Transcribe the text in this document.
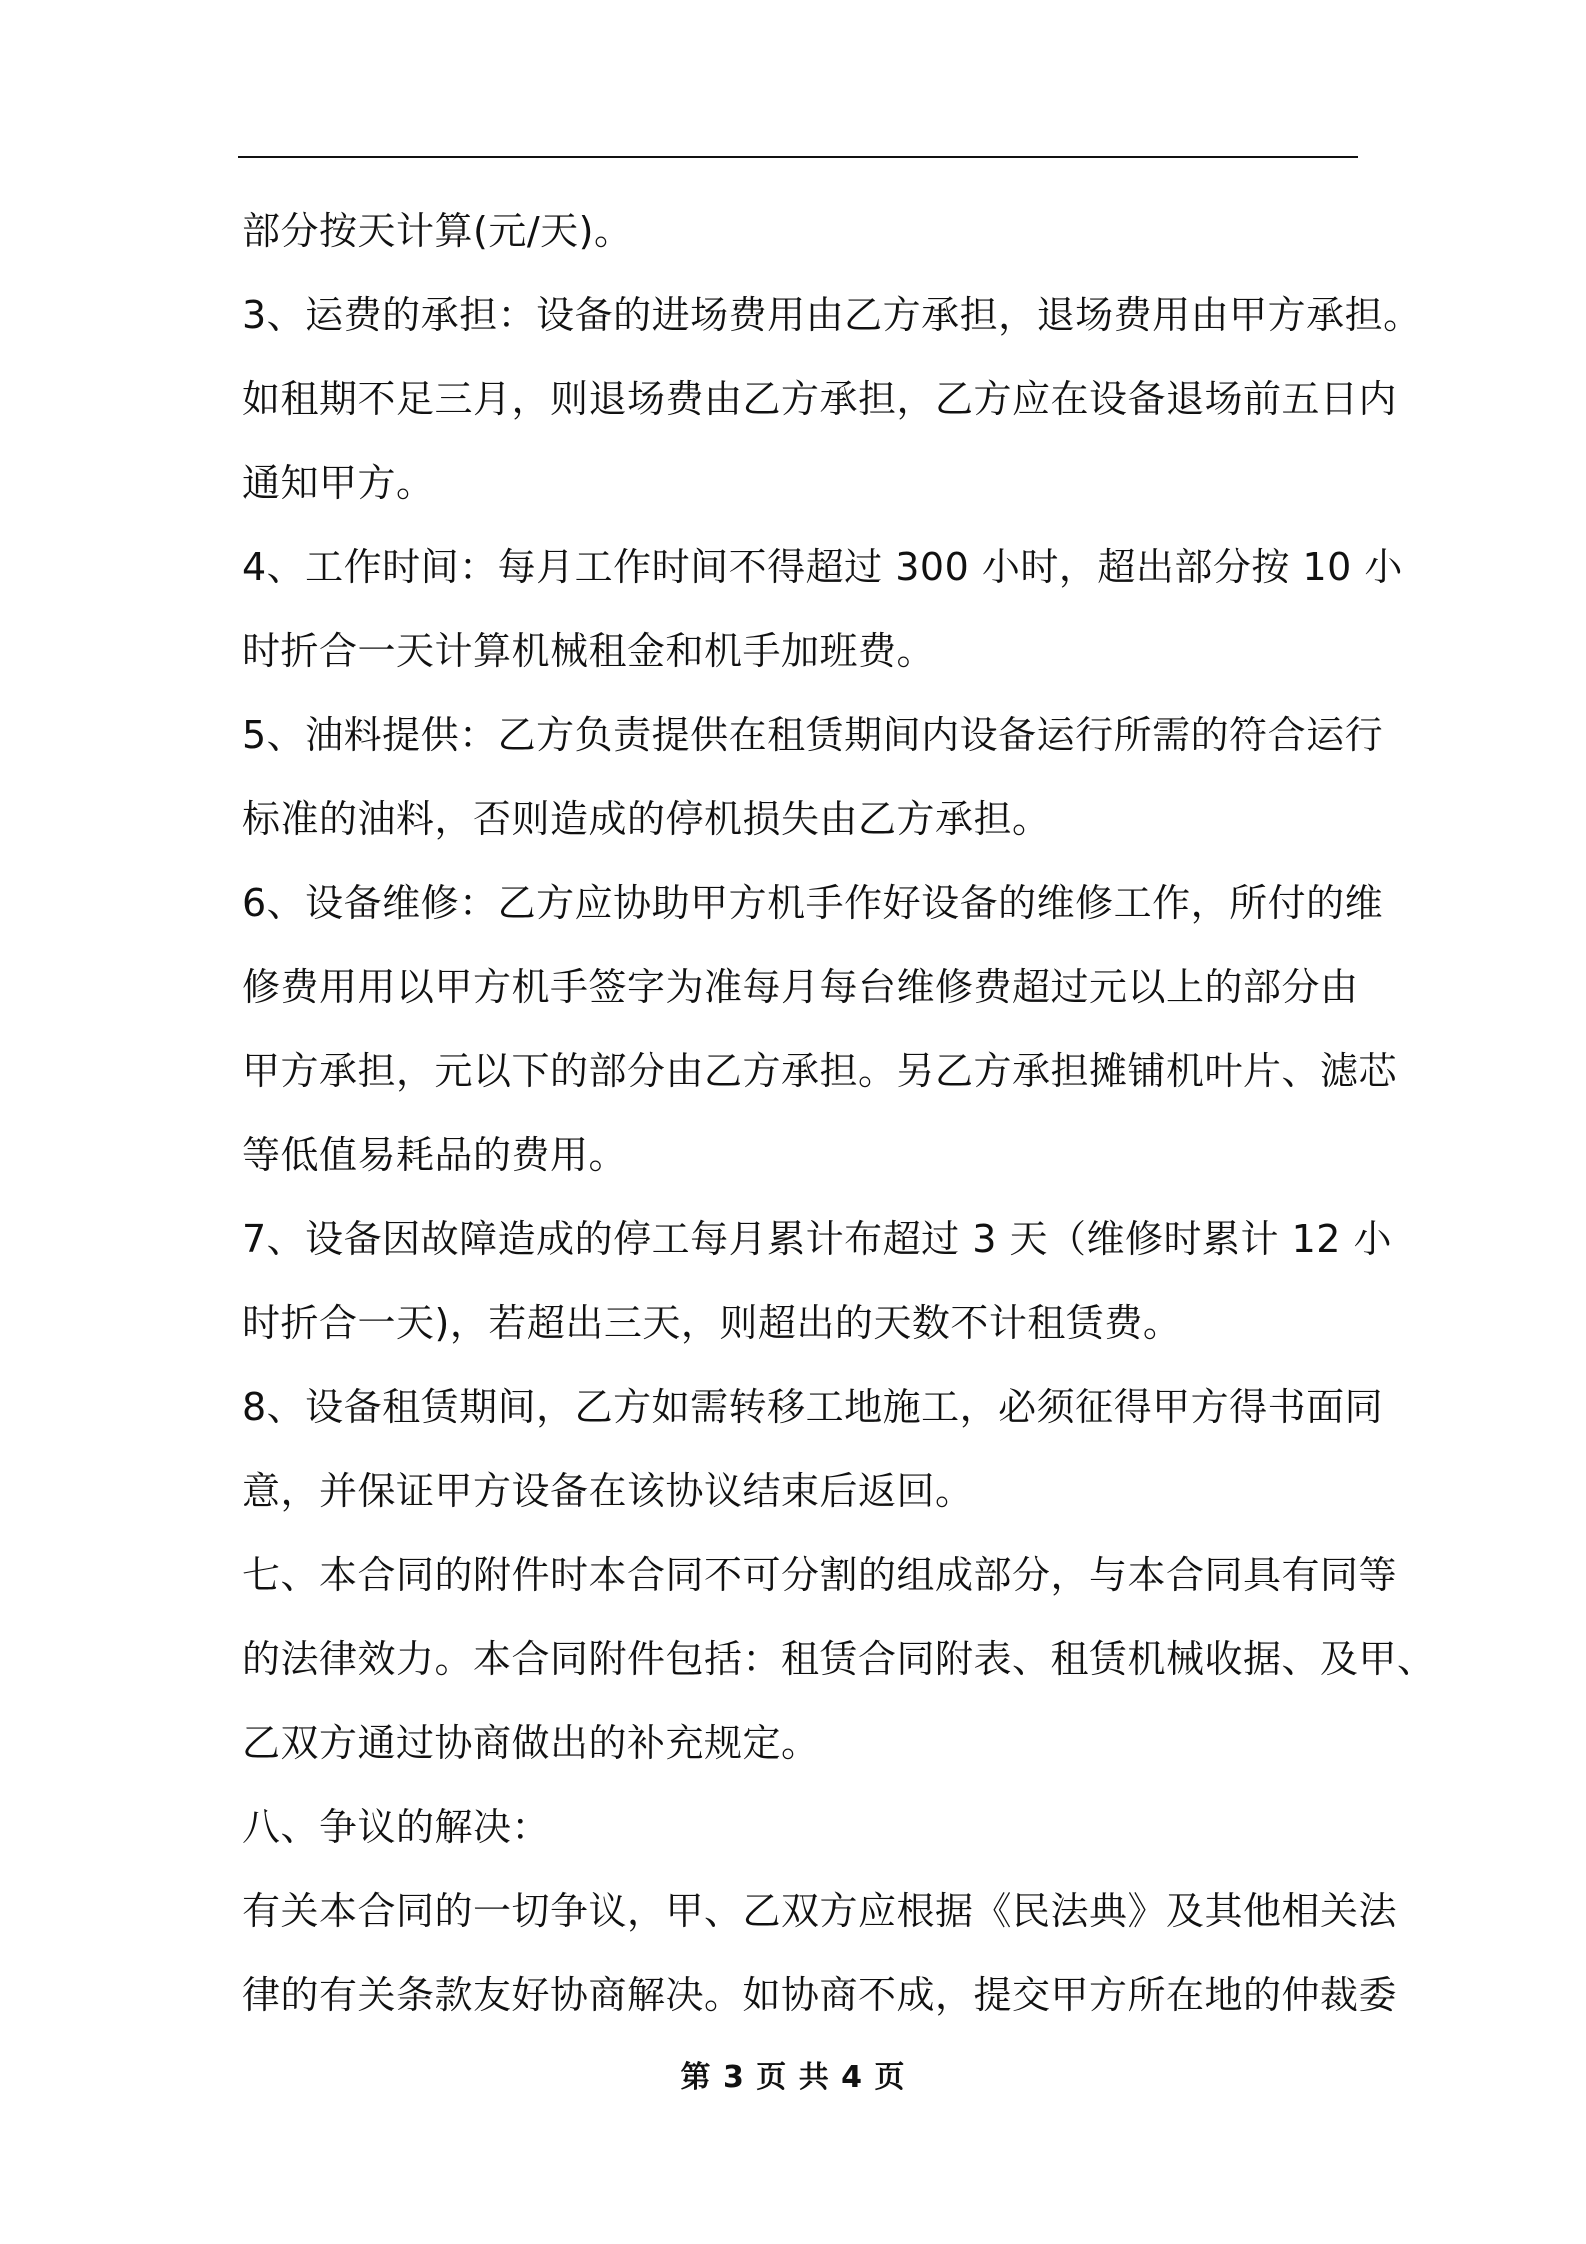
部分按天计算(元/天)。
3、运费的承担：设备的进场费用由乙方承担，退场费用由甲方承担。
如租期不足三月，则退场费由乙方承担，乙方应在设备退场前五日内
通知甲方。
4、工作时间：每月工作时间不得超过 300 小时，超出部分按 10 小
时折合一天计算机械租金和机手加班费。
5、油料提供：乙方负责提供在租赁期间内设备运行所需的符合运行
标准的油料，否则造成的停机损失由乙方承担。
6、设备维修：乙方应协助甲方机手作好设备的维修工作，所付的维
修费用用以甲方机手签字为准每月每台维修费超过元以上的部分由
甲方承担，元以下的部分由乙方承担。另乙方承担摊铺机叶片、滤芯
等低值易耗品的费用。
7、设备因故障造成的停工每月累计布超过 3 天（维修时累计 12 小
时折合一天)，若超出三天，则超出的天数不计租赁费。
8、设备租赁期间，乙方如需转移工地施工，必须征得甲方得书面同
意，并保证甲方设备在该协议结束后返回。
七、本合同的附件时本合同不可分割的组成部分，与本合同具有同等
的法律效力。本合同附件包括：租赁合同附表、租赁机械收据、及甲、
乙双方通过协商做出的补充规定。
八、争议的解决：
有关本合同的一切争议，甲、乙双方应根据《民法典》及其他相关法
律的有关条款友好协商解决。如协商不成，提交甲方所在地的仲裁委
第 3 页 共 4 页
